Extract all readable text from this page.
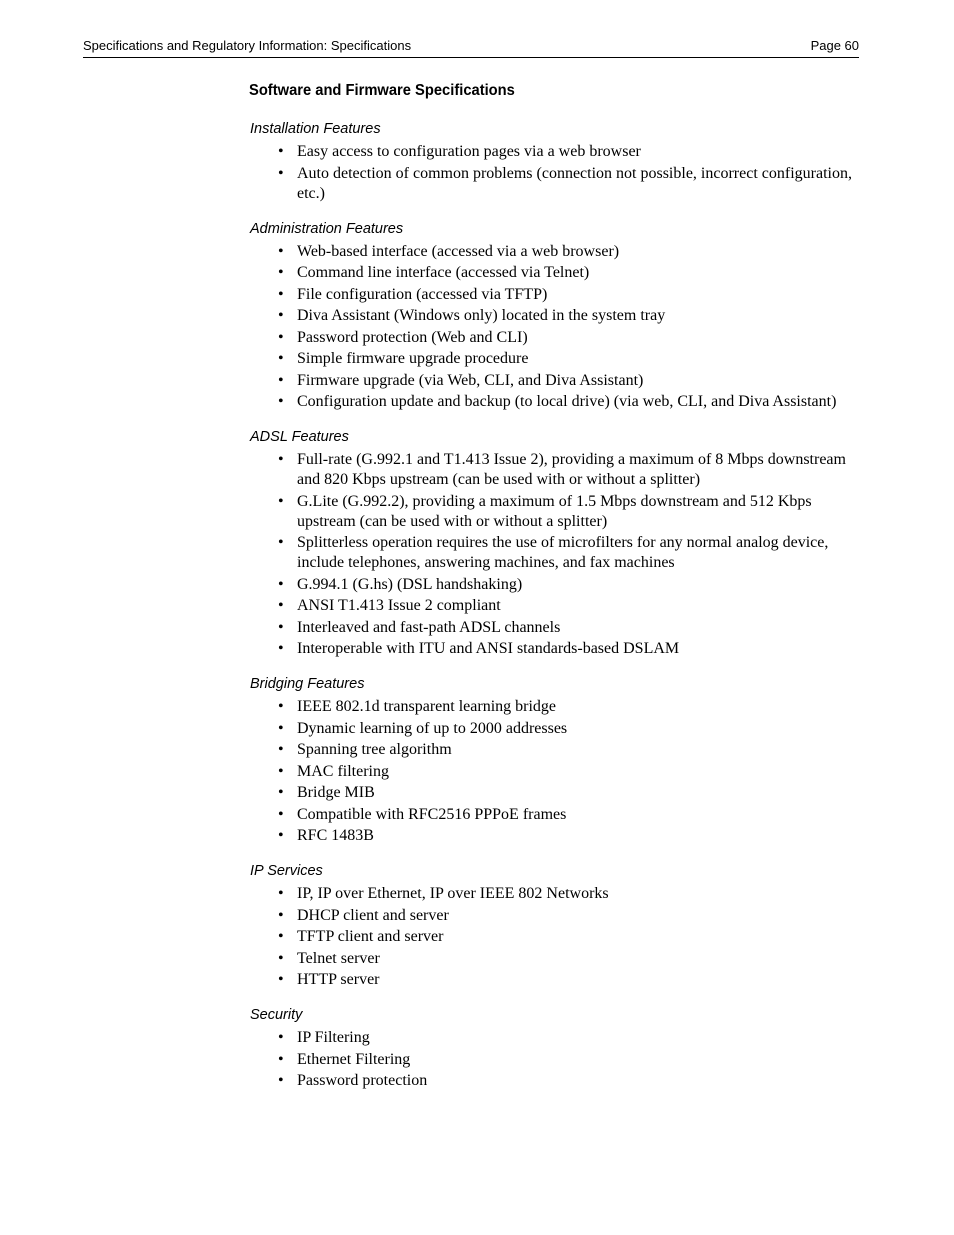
Specifications and Regulatory Information: Specifications	Page 60
Software and Firmware Specifications
Installation Features
• Easy access to configuration pages via a web browser
• Auto detection of common problems (connection not possible, incorrect configuration, etc.)
Administration Features
• Web-based interface (accessed via a web browser)
• Command line interface (accessed via Telnet)
• File configuration (accessed via TFTP)
• Diva Assistant (Windows only) located in the system tray
• Password protection (Web and CLI)
• Simple firmware upgrade procedure
• Firmware upgrade (via Web, CLI, and Diva Assistant)
• Configuration update and backup (to local drive) (via web, CLI, and Diva Assistant)
ADSL Features
• Full-rate (G.992.1 and T1.413 Issue 2), providing a maximum of 8 Mbps downstream and 820 Kbps upstream (can be used with or without a splitter)
• G.Lite (G.992.2), providing a maximum of 1.5 Mbps downstream and 512 Kbps upstream (can be used with or without a splitter)
• Splitterless operation requires the use of microfilters for any normal analog device, include telephones, answering machines, and fax machines
• G.994.1 (G.hs) (DSL handshaking)
• ANSI T1.413 Issue 2 compliant
• Interleaved and fast-path ADSL channels
• Interoperable with ITU and ANSI standards-based DSLAM
Bridging Features
• IEEE 802.1d transparent learning bridge
• Dynamic learning of up to 2000 addresses
• Spanning tree algorithm
• MAC filtering
• Bridge MIB
• Compatible with RFC2516 PPPoE frames
• RFC 1483B
IP Services
• IP, IP over Ethernet, IP over IEEE 802 Networks
• DHCP client and server
• TFTP client and server
• Telnet server
• HTTP server
Security
• IP Filtering
• Ethernet Filtering
• Password protection
